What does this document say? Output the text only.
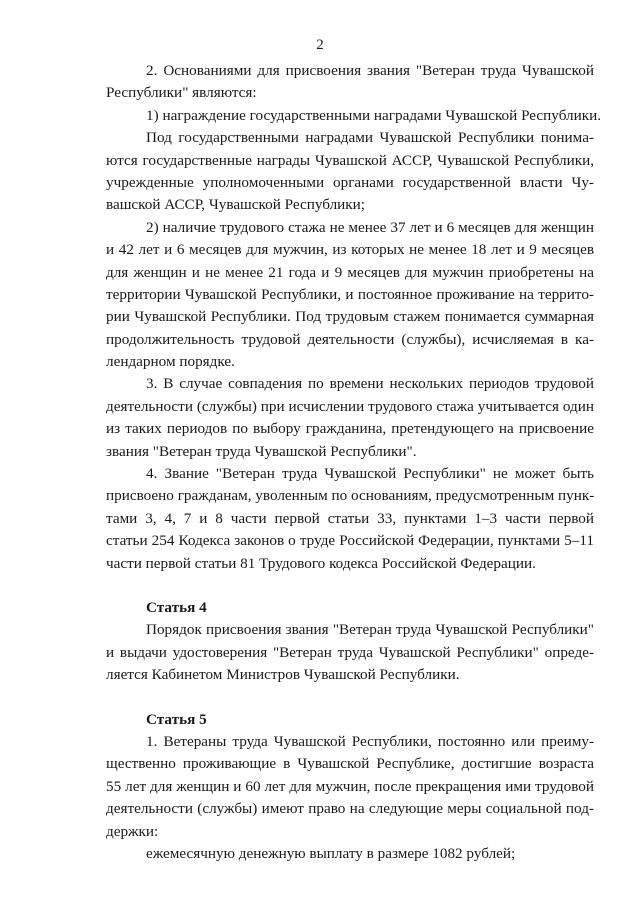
2
2. Основаниями для присвоения звания "Ветеран труда Чувашской
Республики" являются:
1) награждение государственными наградами Чувашской Республики.
Под государственными наградами Чувашской Республики понима-
ются государственные награды Чувашской АССР, Чувашской Республики,
учрежденные уполномоченными органами государственной власти Чу-
вашской АССР, Чувашской Республики;
2) наличие трудового стажа не менее 37 лет и 6 месяцев для женщин
и 42 лет и 6 месяцев для мужчин, из которых не менее 18 лет и 9 месяцев
для женщин и не менее 21 года и 9 месяцев для мужчин приобретены на
территории Чувашской Республики, и постоянное проживание на террито-
рии Чувашской Республики. Под трудовым стажем понимается суммарная
продолжительность трудовой деятельности (службы), исчисляемая в ка-
лендарном порядке.
3. В случае совпадения по времени нескольких периодов трудовой
деятельности (службы) при исчислении трудового стажа учитывается один
из таких периодов по выбору гражданина, претендующего на присвоение
звания "Ветеран труда Чувашской Республики".
4. Звание "Ветеран труда Чувашской Республики" не может быть
присвоено гражданам, уволенным по основаниям, предусмотренным пунк-
тами 3, 4, 7 и 8 части первой статьи 33, пунктами 1–3 части первой
статьи 254 Кодекса законов о труде Российской Федерации, пунктами 5–11
части первой статьи 81 Трудового кодекса Российской Федерации.
Статья 4
Порядок присвоения звания "Ветеран труда Чувашской Республики"
и выдачи удостоверения "Ветеран труда Чувашской Республики" опреде-
ляется Кабинетом Министров Чувашской Республики.
Статья 5
1. Ветераны труда Чувашской Республики, постоянно или преиму-
щественно проживающие в Чувашской Республике, достигшие возраста
55 лет для женщин и 60 лет для мужчин, после прекращения ими трудовой
деятельности (службы) имеют право на следующие меры социальной под-
держки:
ежемесячную денежную выплату в размере 1082 рублей;
